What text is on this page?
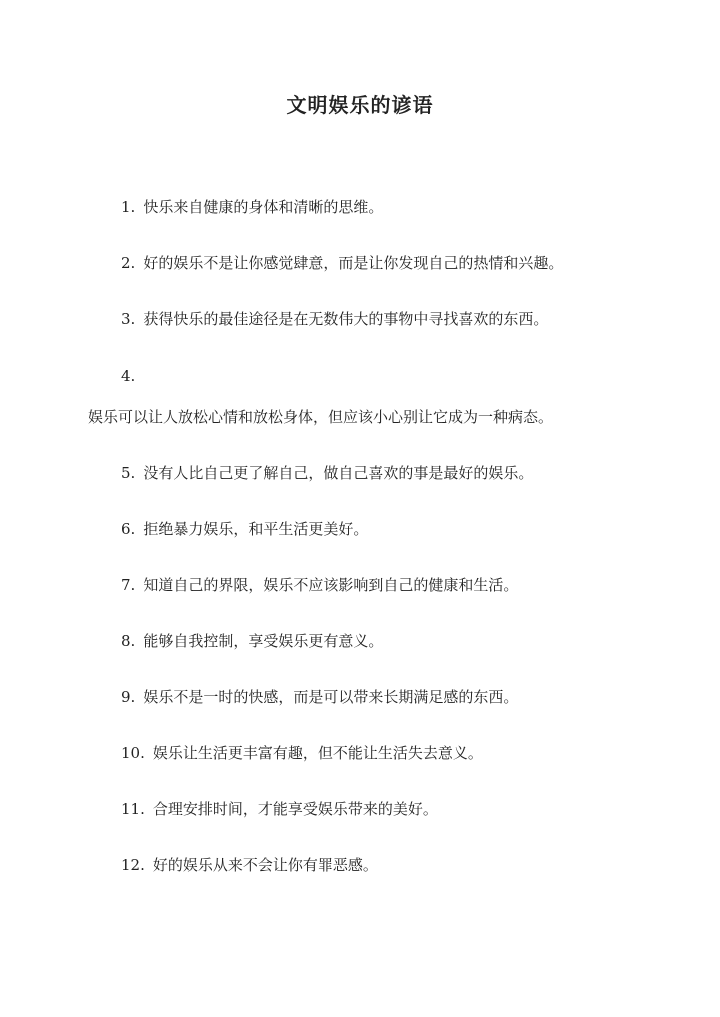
文明娱乐的谚语
1. 快乐来自健康的身体和清晰的思维。
2. 好的娱乐不是让你感觉肆意，而是让你发现自己的热情和兴趣。
3. 获得快乐的最佳途径是在无数伟大的事物中寻找喜欢的东西。
4.
娱乐可以让人放松心情和放松身体，但应该小心别让它成为一种病态。
5. 没有人比自己更了解自己，做自己喜欢的事是最好的娱乐。
6. 拒绝暴力娱乐，和平生活更美好。
7. 知道自己的界限，娱乐不应该影响到自己的健康和生活。
8. 能够自我控制，享受娱乐更有意义。
9. 娱乐不是一时的快感，而是可以带来长期满足感的东西。
10. 娱乐让生活更丰富有趣，但不能让生活失去意义。
11. 合理安排时间，才能享受娱乐带来的美好。
12. 好的娱乐从来不会让你有罪恶感。
